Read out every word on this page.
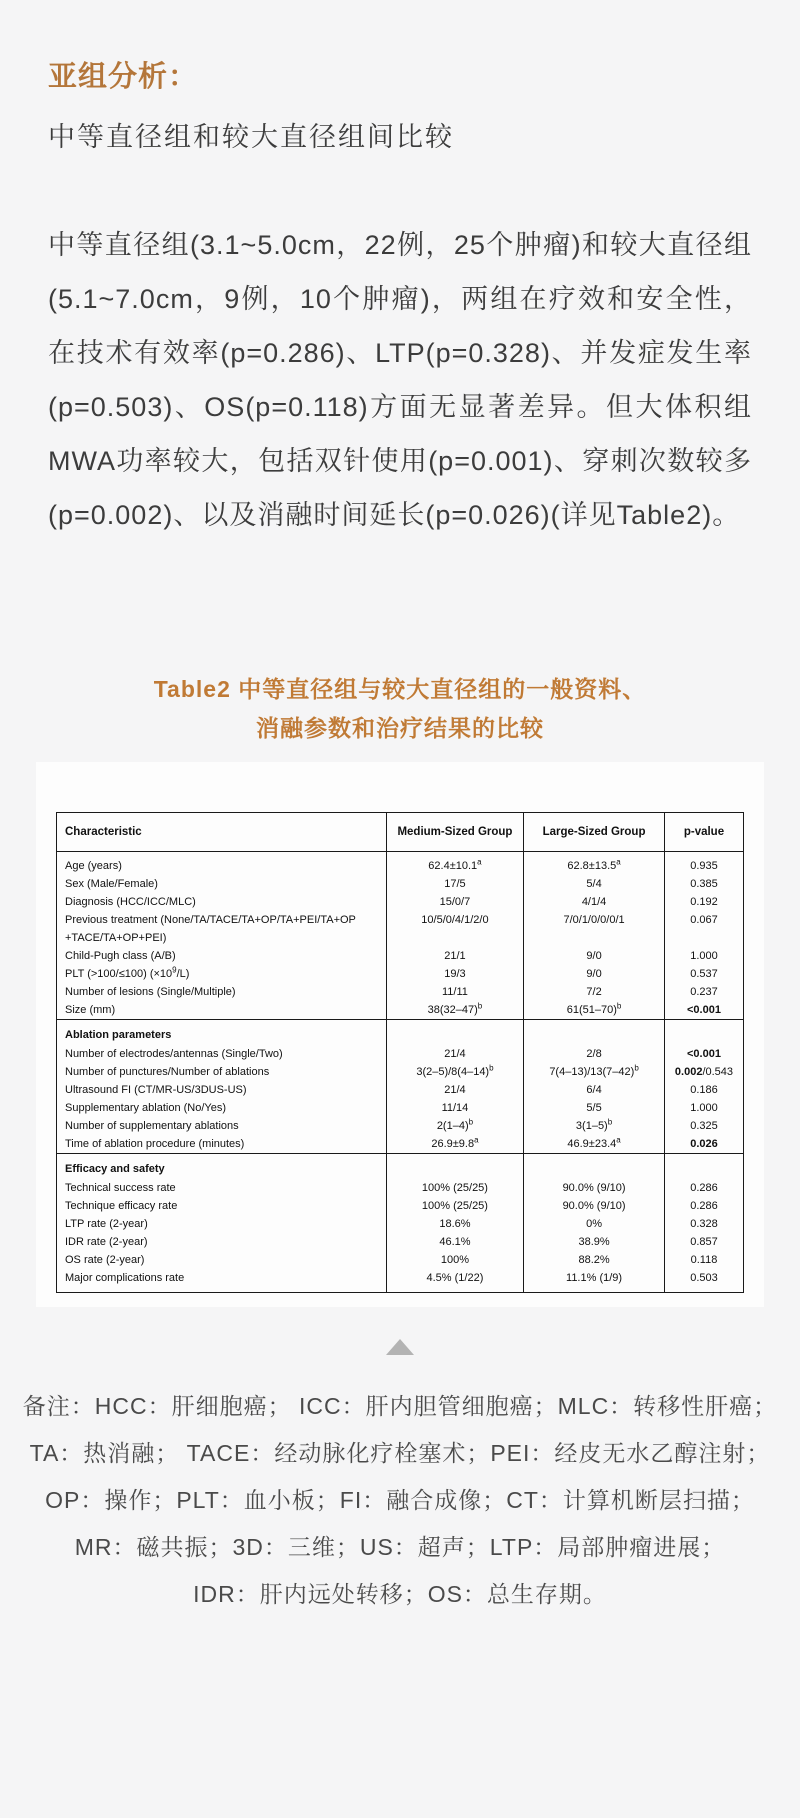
亚组分析：
中等直径组和较大直径组间比较

中等直径组(3.1~5.0cm，22例，25个肿瘤)和较大直径组(5.1~7.0cm，9例，10个肿瘤)，两组在疗效和安全性，在技术有效率(p=0.286)、LTP(p=0.328)、并发症发生率(p=0.503)、OS(p=0.118)方面无显著差异。但大体积组MWA功率较大，包括双针使用(p=0.001)、穿刺次数较多(p=0.002)、以及消融时间延长(p=0.026)(详见Table2)。

Table2 中等直径组与较大直径组的一般资料、
消融参数和治疗结果的比较
Characteristic	Medium-Sized Group	Large-Sized Group	p-value
Age (years)	62.4±10.1$^a$	62.8±13.5$^a$	0.935
Sex (Male/Female)	17/5	5/4	0.385
Diagnosis (HCC/ICC/MLC)	15/0/7	4/1/4	0.192
Previous treatment (None/TA/TACE/TA+OP/TA+PEI/TA+OP
+TACE/TA+OP+PEI)	10/5/0/4/1/2/0	7/0/1/0/0/0/1	0.067
Child-Pugh class (A/B)	21/1	9/0	1.000
PLT (>100/≤100) $(\times 10^9/L)$	19/3	9/0	0.537
Number of lesions (Single/Multiple)	11/11	7/2	0.237
Size (mm)	$38(32-47)^b$	$61(51-70)^b$	<0.001
Ablation parameters			
Number of electrodes/antennas (Single/Two)	21/4	2/8	<0.001
Number of punctures/Number of ablations	$3(2-5)/8(4-14)^b$	$7(4-13)/13(7-42)^b$	0.002/0.543
Ultrasound FI (CT/MR-US/3DUS-US)	21/4	6/4	0.186
Supplementary ablation (No/Yes)	11/14	5/5	1.000
Number of supplementary ablations	$2(1-4)^b$	$3(1-5)^b$	0.325
Time of ablation procedure (minutes)	26.9±9.8$^a$	46.9±23.4$^a$	0.026
Efficacy and safety			
Technical success rate	100% (25/25)	90.0% (9/10)	0.286
Technique efficacy rate	100% (25/25)	90.0% (9/10)	0.286
LTP rate (2-year)	18.6%	0%	0.328
IDR rate (2-year)	46.1%	38.9%	0.857
OS rate (2-year)	100%	88.2%	0.118
Major complications rate	4.5% (1/22)	11.1% (1/9)	0.503
备注：HCC：肝细胞癌； ICC：肝内胆管细胞癌；MLC：转移性肝癌；
TA：热消融； TACE：经动脉化疗栓塞术；PEI：经皮无水乙醇注射；
OP：操作；PLT：血小板；FI：融合成像；CT：计算机断层扫描；
MR：磁共振；3D：三维；US：超声；LTP：局部肿瘤进展；
IDR：肝内远处转移；OS：总生存期。
